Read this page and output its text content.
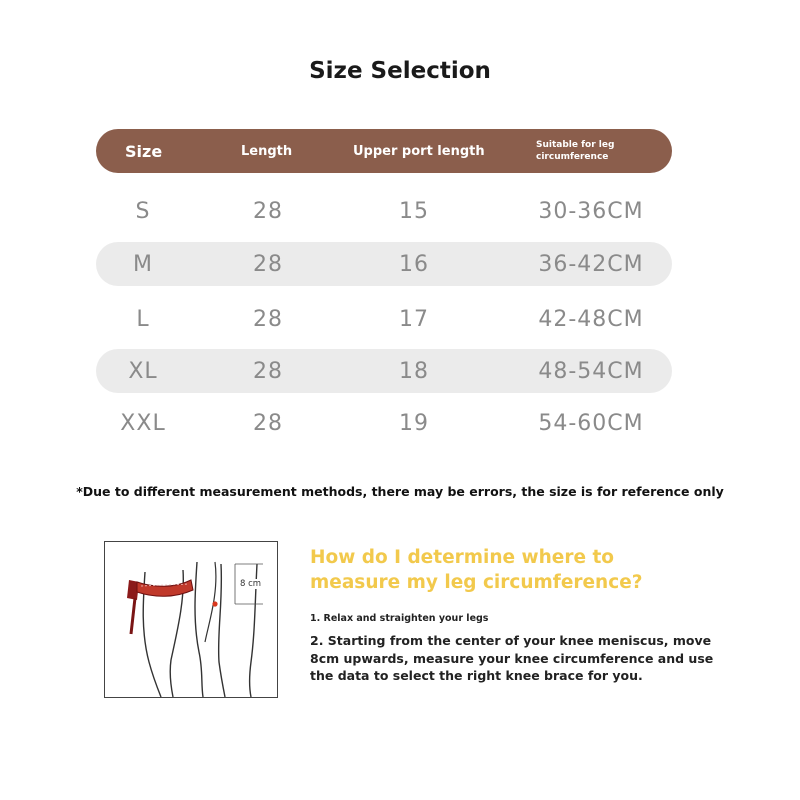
Size Selection
Size	Length	Upper port length	Suitable for leg circumference
S	28	15	30-36CM
M	28	16	36-42CM
L	28	17	42-48CM
XL	28	18	48-54CM
XXL	28	19	54-60CM
*Due to different measurement methods, there may be errors, the size is for reference only
8 cm
How do I determine where to
measure my leg circumference?
1. Relax and straighten your legs
2. Starting from the center of your knee meniscus, move 8cm upwards, measure your knee circumference and use the data to select the right knee brace for you.
